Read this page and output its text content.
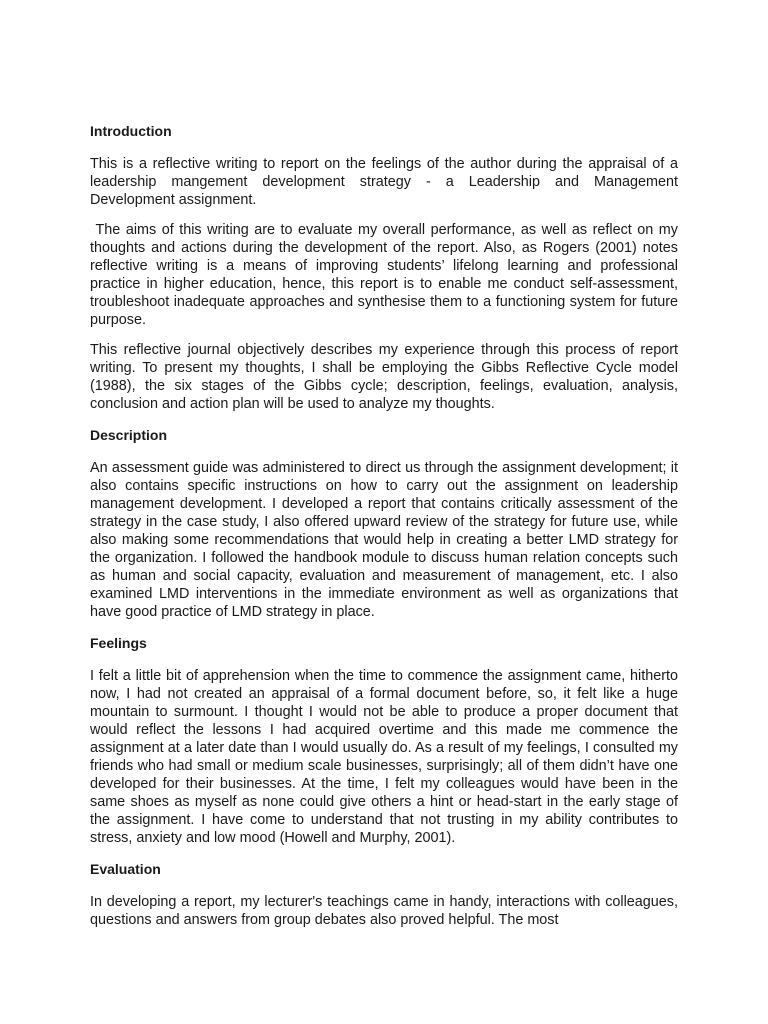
Introduction

This is a reflective writing to report on the feelings of the author during the appraisal of a leadership mangement development strategy - a Leadership and Management Development assignment.

The aims of this writing are to evaluate my overall performance, as well as reflect on my thoughts and actions during the development of the report. Also, as Rogers (2001) notes reflective writing is a means of improving students’ lifelong learning and professional practice in higher education, hence, this report is to enable me conduct self-assessment, troubleshoot inadequate approaches and synthesise them to a functioning system for future purpose.

This reflective journal objectively describes my experience through this process of report writing. To present my thoughts, I shall be employing the Gibbs Reflective Cycle model (1988), the six stages of the Gibbs cycle; description, feelings, evaluation, analysis, conclusion and action plan will be used to analyze my thoughts.

Description

An assessment guide was administered to direct us through the assignment development; it also contains specific instructions on how to carry out the assignment on leadership management development. I developed a report that contains critically assessment of the strategy in the case study, I also offered upward review of the strategy for future use, while also making some recommendations that would help in creating a better LMD strategy for the organization. I followed the handbook module to discuss human relation concepts such as human and social capacity, evaluation and measurement of management, etc. I also examined LMD interventions in the immediate environment as well as organizations that have good practice of LMD strategy in place.

Feelings

I felt a little bit of apprehension when the time to commence the assignment came, hitherto now, I had not created an appraisal of a formal document before, so, it felt like a huge mountain to surmount. I thought I would not be able to produce a proper document that would reflect the lessons I had acquired overtime and this made me commence the assignment at a later date than I would usually do. As a result of my feelings, I consulted my friends who had small or medium scale businesses, surprisingly; all of them didn’t have one developed for their businesses. At the time, I felt my colleagues would have been in the same shoes as myself as none could give others a hint or head-start in the early stage of the assignment. I have come to understand that not trusting in my ability contributes to stress, anxiety and low mood (Howell and Murphy, 2001).

Evaluation

In developing a report, my lecturer's teachings came in handy, interactions with colleagues, questions and answers from group debates also proved helpful. The most
